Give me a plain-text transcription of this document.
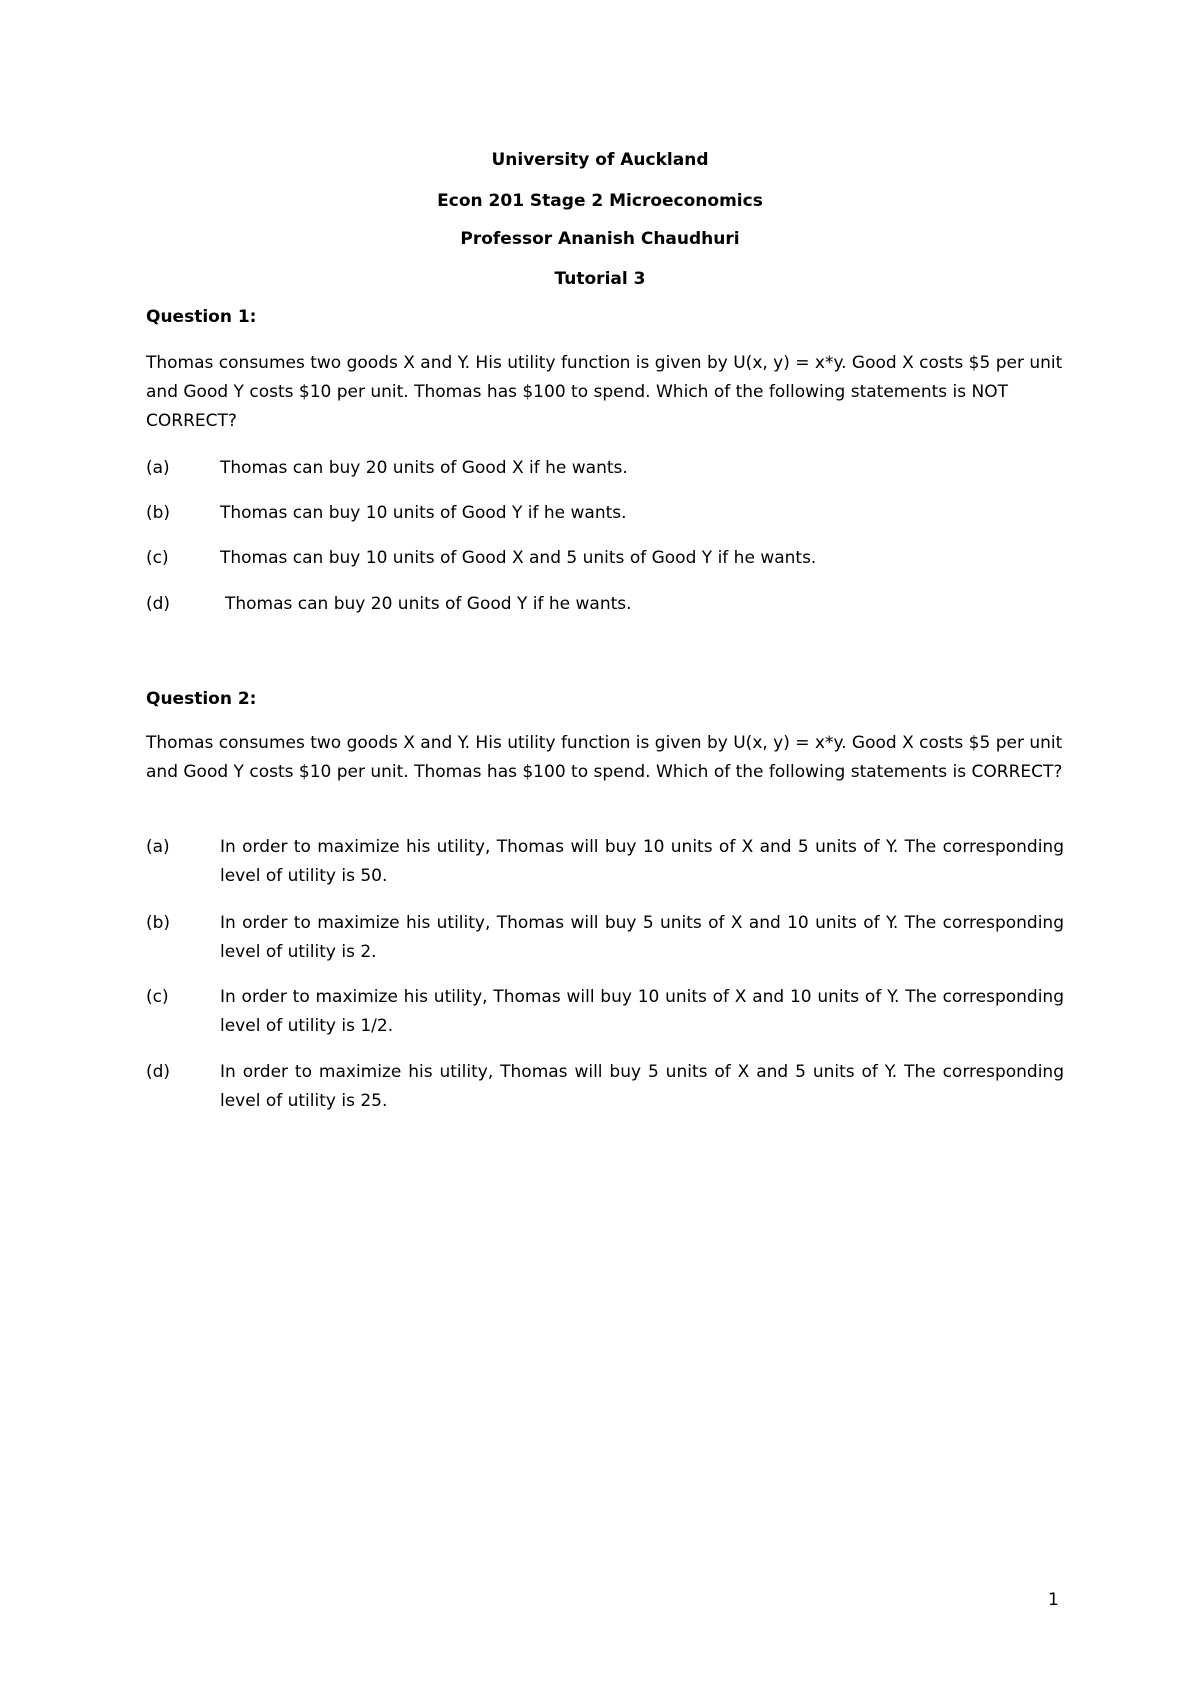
University of Auckland
Econ 201 Stage 2 Microeconomics
Professor Ananish Chaudhuri
Tutorial 3
Question 1:
Thomas consumes two goods X and Y. His utility function is given by U(x, y) = x*y. Good X costs $5 per unit and Good Y costs $10 per unit. Thomas has $100 to spend. Which of the following statements is NOT CORRECT?
(a)	Thomas can buy 20 units of Good X if he wants.
(b)	Thomas can buy 10 units of Good Y if he wants.
(c)	Thomas can buy 10 units of Good X and 5 units of Good Y if he wants.
(d)	Thomas can buy 20 units of Good Y if he wants.
Question 2:
Thomas consumes two goods X and Y. His utility function is given by U(x, y) = x*y. Good X costs $5 per unit and Good Y costs $10 per unit. Thomas has $100 to spend. Which of the following statements is CORRECT?
(a)	In order to maximize his utility, Thomas will buy 10 units of X and 5 units of Y. The corresponding level of utility is 50.
(b)	In order to maximize his utility, Thomas will buy 5 units of X and 10 units of Y. The corresponding level of utility is 2.
(c)	In order to maximize his utility, Thomas will buy 10 units of X and 10 units of Y. The corresponding level of utility is 1/2.
(d)	In order to maximize his utility, Thomas will buy 5 units of X and 5 units of Y. The corresponding level of utility is 25.
1
